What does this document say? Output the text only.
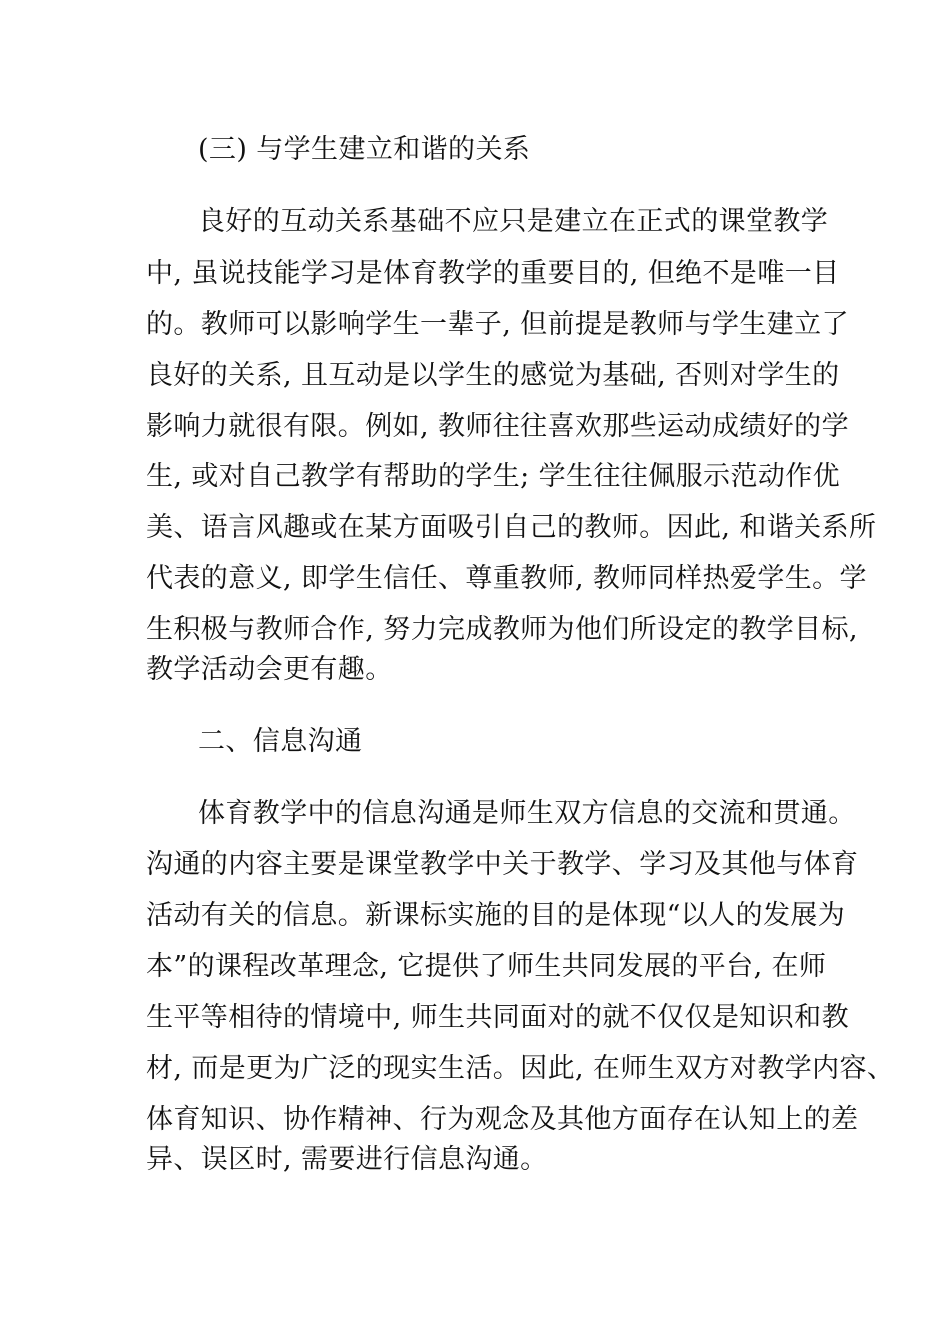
(三) 与学生建立和谐的关系
良好的互动关系基础不应只是建立在正式的课堂教学
中, 虽说技能学习是体育教学的重要目的, 但绝不是唯一目
的。教师可以影响学生一辈子, 但前提是教师与学生建立了
良好的关系, 且互动是以学生的感觉为基础, 否则对学生的
影响力就很有限。例如, 教师往往喜欢那些运动成绩好的学
生, 或对自己教学有帮助的学生; 学生往往佩服示范动作优
美、语言风趣或在某方面吸引自己的教师。因此, 和谐关系所
代表的意义, 即学生信任、尊重教师, 教师同样热爱学生。学
生积极与教师合作, 努力完成教师为他们所设定的教学目标,
教学活动会更有趣。
二、信息沟通
体育教学中的信息沟通是师生双方信息的交流和贯通。
沟通的内容主要是课堂教学中关于教学、学习及其他与体育
活动有关的信息。新课标实施的目的是体现“以人的发展为
本”的课程改革理念, 它提供了师生共同发展的平台, 在师
生平等相待的情境中, 师生共同面对的就不仅仅是知识和教
材, 而是更为广泛的现实生活。因此, 在师生双方对教学内容、
体育知识、协作精神、行为观念及其他方面存在认知上的差
异、误区时, 需要进行信息沟通。
